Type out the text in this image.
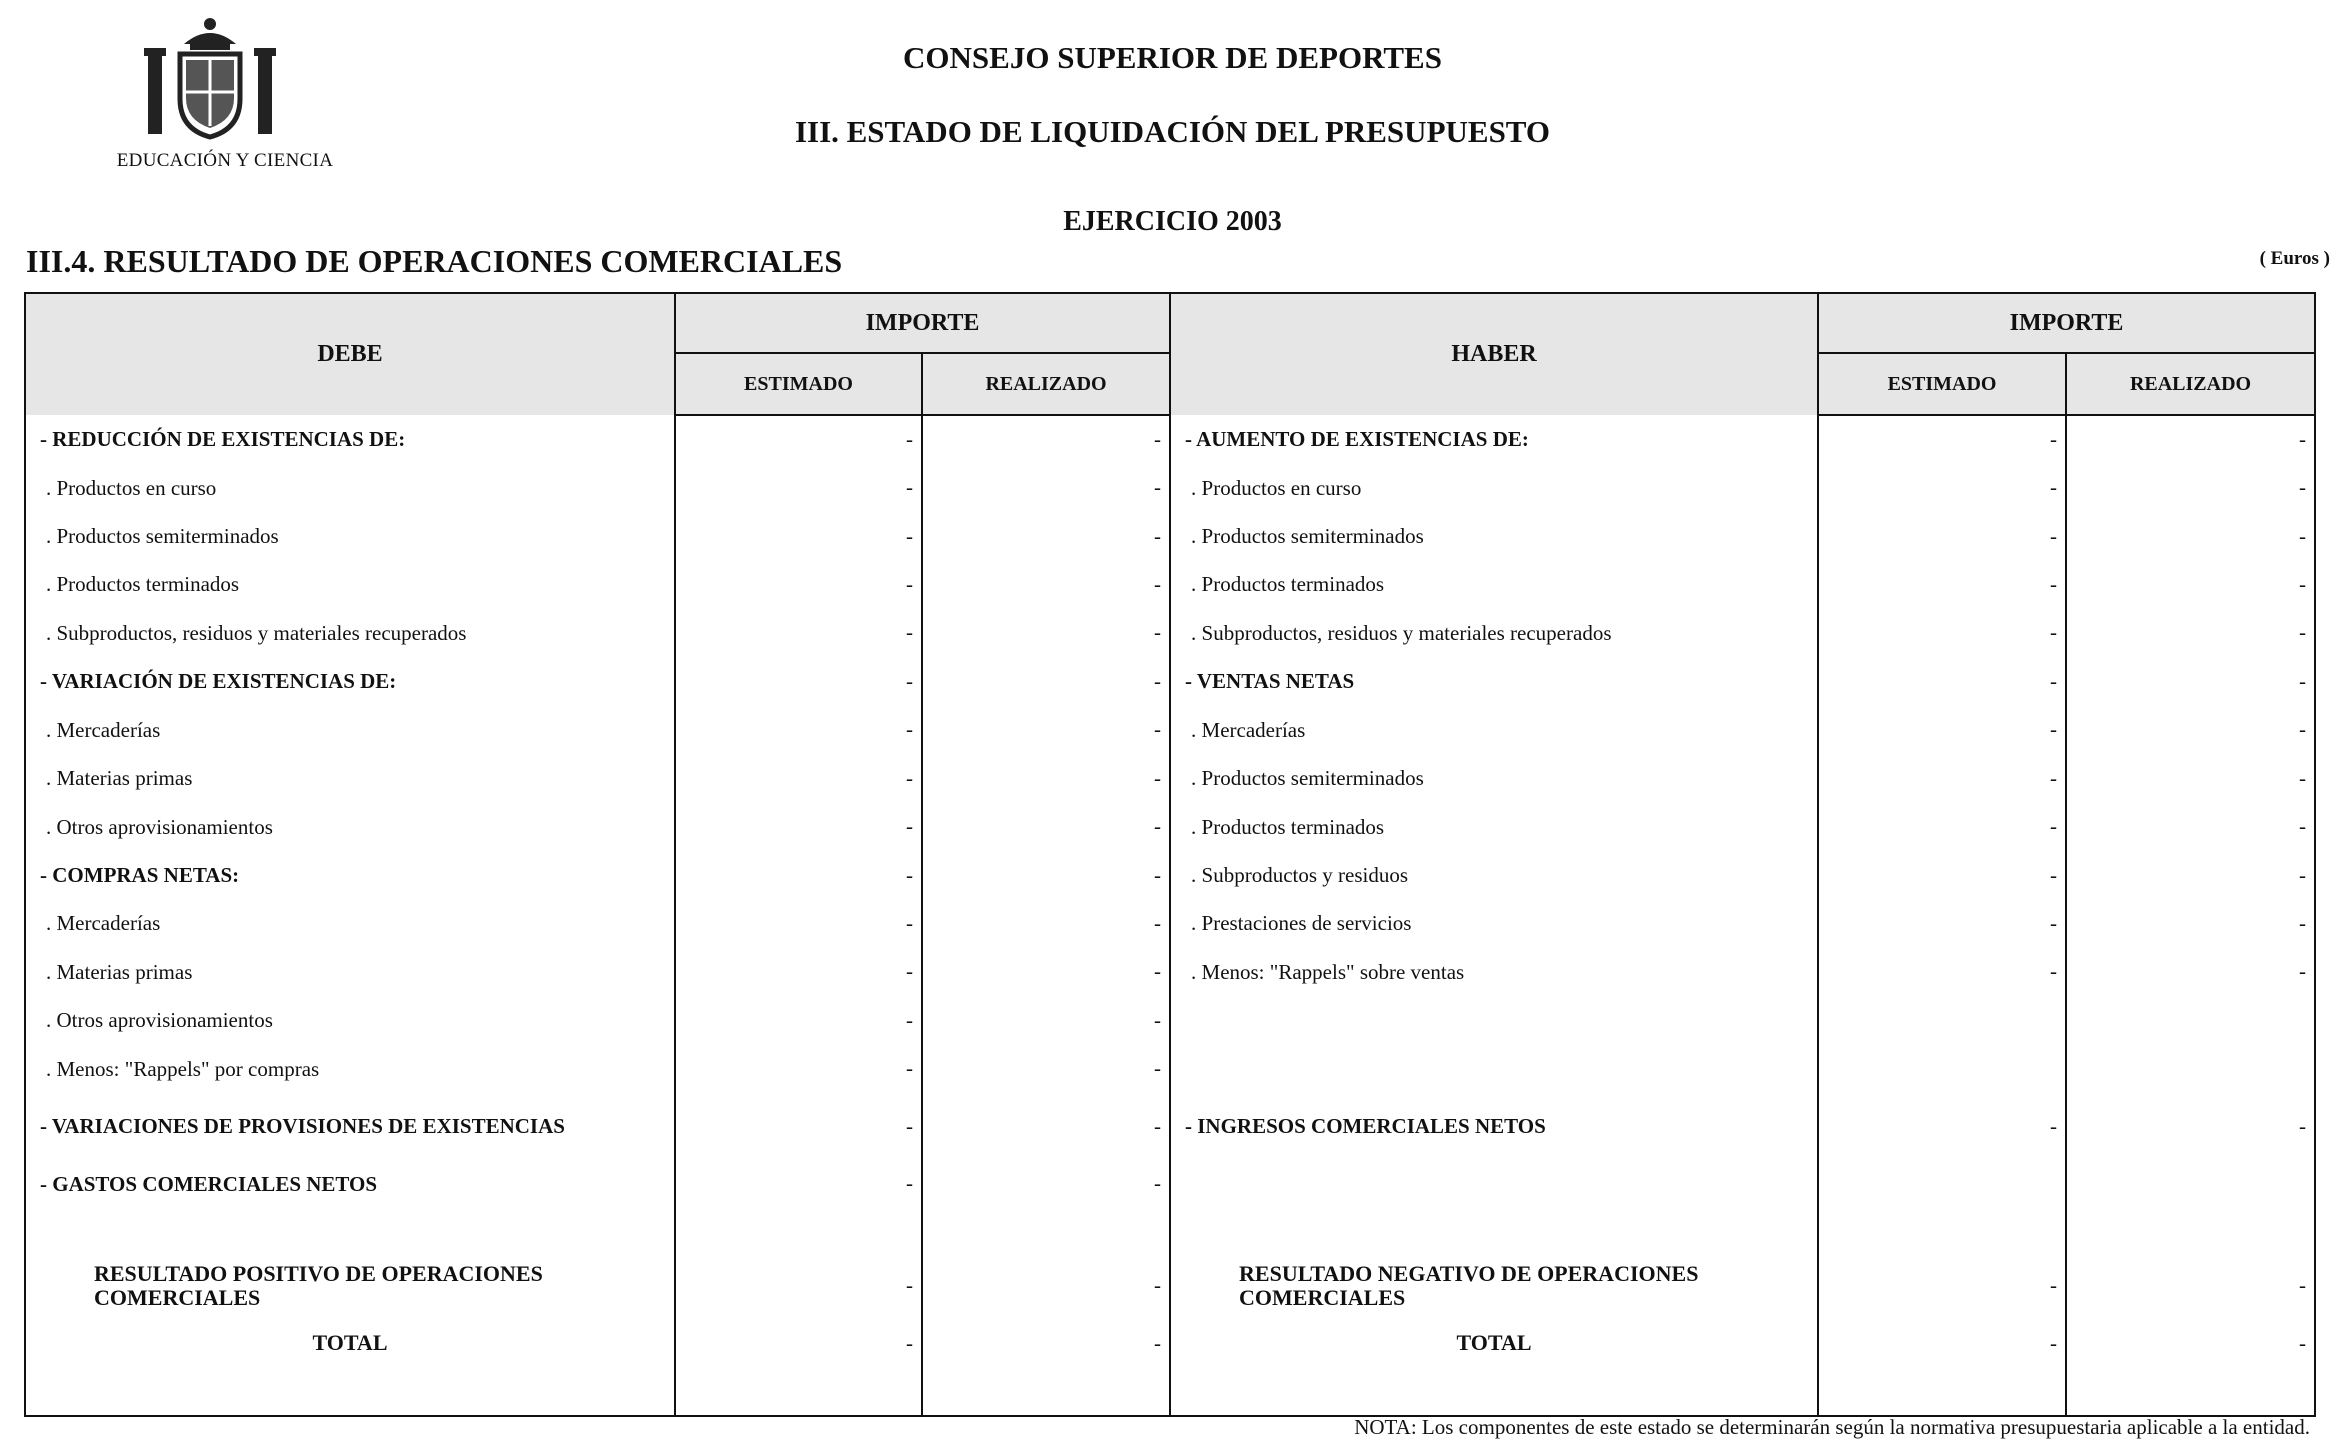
EDUCACIÓN Y CIENCIA
CONSEJO SUPERIOR DE DEPORTES
III. ESTADO DE LIQUIDACIÓN DEL PRESUPUESTO
EJERCICIO 2003
III.4. RESULTADO DE OPERACIONES COMERCIALES	( Euros )
DEBE	IMPORTE		HABER	IMPORTE	
	ESTIMADO	REALIZADO		ESTIMADO	REALIZADO
- REDUCCIÓN DE EXISTENCIAS DE:	-	-	- AUMENTO DE EXISTENCIAS DE:	-	-
. Productos en curso	-	-	. Productos en curso	-	-
. Productos semiterminados	-	-	. Productos semiterminados	-	-
. Productos terminados	-	-	. Productos terminados	-	-
. Subproductos, residuos y materiales recuperados	-	-	. Subproductos, residuos y materiales recuperados	-	-
- VARIACIÓN DE EXISTENCIAS DE:	-	-	- VENTAS NETAS	-	-
. Mercaderías	-	-	. Mercaderías	-	-
. Materias primas	-	-	. Productos semiterminados	-	-
. Otros aprovisionamientos	-	-	. Productos terminados	-	-
- COMPRAS NETAS:	-	-	. Subproductos y residuos	-	-
. Mercaderías	-	-	. Prestaciones de servicios	-	-
. Materias primas	-	-	. Menos: "Rappels" sobre ventas	-	-
. Otros aprovisionamientos	-	-			
. Menos: "Rappels" por compras	-	-			
- VARIACIONES DE PROVISIONES DE EXISTENCIAS	-	-	- INGRESOS COMERCIALES NETOS	-	-
- GASTOS COMERCIALES NETOS	-	-			

RESULTADO POSITIVO DE OPERACIONES COMERCIALES	-	-	RESULTADO NEGATIVO DE OPERACIONES COMERCIALES	-	-
TOTAL	-	-	TOTAL	-	-

NOTA: Los componentes de este estado se determinarán según la normativa presupuestaria aplicable a la entidad.
